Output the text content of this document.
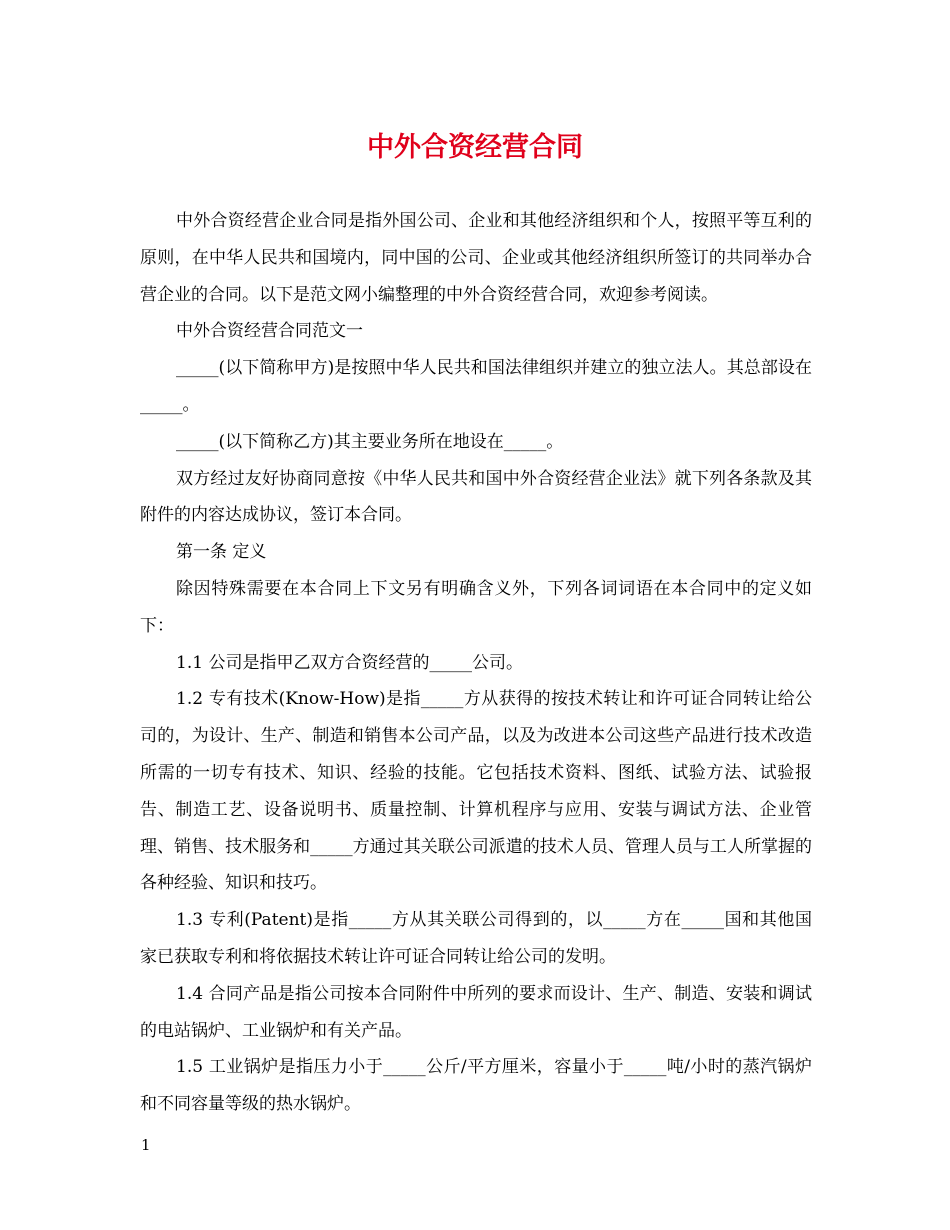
中外合资经营合同

中外合资经营企业合同是指外国公司、企业和其他经济组织和个人，按照平等互利的原则，在中华人民共和国境内，同中国的公司、企业或其他经济组织所签订的共同举办合营企业的合同。以下是范文网小编整理的中外合资经营合同，欢迎参考阅读。

中外合资经营合同范文一

_____(以下简称甲方)是按照中华人民共和国法律组织并建立的独立法人。其总部设在_____。

_____(以下简称乙方)其主要业务所在地设在_____。

双方经过友好协商同意按《中华人民共和国中外合资经营企业法》就下列各条款及其附件的内容达成协议，签订本合同。

第一条 定义

除因特殊需要在本合同上下文另有明确含义外，下列各词词语在本合同中的定义如下：

1.1 公司是指甲乙双方合资经营的_____公司。

1.2 专有技术(Know-How)是指_____方从获得的按技术转让和许可证合同转让给公司的，为设计、生产、制造和销售本公司产品，以及为改进本公司这些产品进行技术改造所需的一切专有技术、知识、经验的技能。它包括技术资料、图纸、试验方法、试验报告、制造工艺、设备说明书、质量控制、计算机程序与应用、安装与调试方法、企业管理、销售、技术服务和_____方通过其关联公司派遣的技术人员、管理人员与工人所掌握的各种经验、知识和技巧。

1.3 专利(Patent)是指_____方从其关联公司得到的，以_____方在_____国和其他国家已获取专利和将依据技术转让许可证合同转让给公司的发明。

1.4 合同产品是指公司按本合同附件中所列的要求而设计、生产、制造、安装和调试的电站锅炉、工业锅炉和有关产品。

1.5 工业锅炉是指压力小于_____公斤/平方厘米，容量小于_____吨/小时的蒸汽锅炉和不同容量等级的热水锅炉。

1
